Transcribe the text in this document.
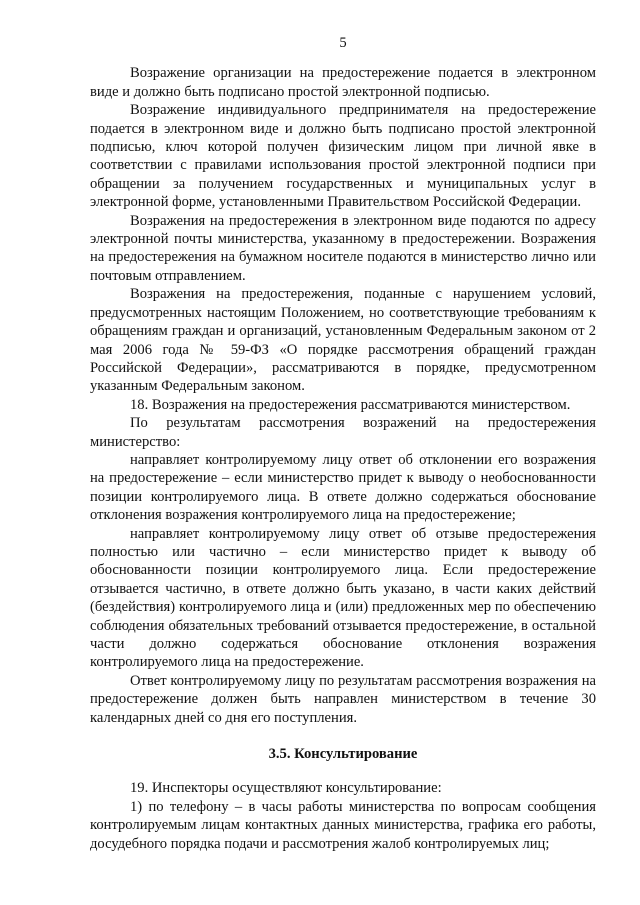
5

Возражение организации на предостережение подается в электронном виде и должно быть подписано простой электронной подписью.

Возражение индивидуального предпринимателя на предостережение подается в электронном виде и должно быть подписано простой электронной подписью, ключ которой получен физическим лицом при личной явке в соответствии с правилами использования простой электронной подписи при обращении за получением государственных и муниципальных услуг в электронной форме, установленными Правительством Российской Федерации.

Возражения на предостережения в электронном виде подаются по адресу электронной почты министерства, указанному в предостережении. Возражения на предостережения на бумажном носителе подаются в министерство лично или почтовым отправлением.

Возражения на предостережения, поданные с нарушением условий, предусмотренных настоящим Положением, но соответствующие требованиям к обращениям граждан и организаций, установленным Федеральным законом от 2 мая 2006 года № 59-ФЗ «О порядке рассмотрения обращений граждан Российской Федерации», рассматриваются в порядке, предусмотренном указанным Федеральным законом.

18. Возражения на предостережения рассматриваются министерством.

По результатам рассмотрения возражений на предостережения министерство:

направляет контролируемому лицу ответ об отклонении его возражения на предостережение – если министерство придет к выводу о необоснованности позиции контролируемого лица. В ответе должно содержаться обоснование отклонения возражения контролируемого лица на предостережение;

направляет контролируемому лицу ответ об отзыве предостережения полностью или частично – если министерство придет к выводу об обоснованности позиции контролируемого лица. Если предостережение отзывается частично, в ответе должно быть указано, в части каких действий (бездействия) контролируемого лица и (или) предложенных мер по обеспечению соблюдения обязательных требований отзывается предостережение, в остальной части должно содержаться обоснование отклонения возражения контролируемого лица на предостережение.

Ответ контролируемому лицу по результатам рассмотрения возражения на предостережение должен быть направлен министерством в течение 30 календарных дней со дня его поступления.

3.5. Консультирование

19. Инспекторы осуществляют консультирование:

1) по телефону – в часы работы министерства по вопросам сообщения контролируемым лицам контактных данных министерства, графика его работы, досудебного порядка подачи и рассмотрения жалоб контролируемых лиц;
